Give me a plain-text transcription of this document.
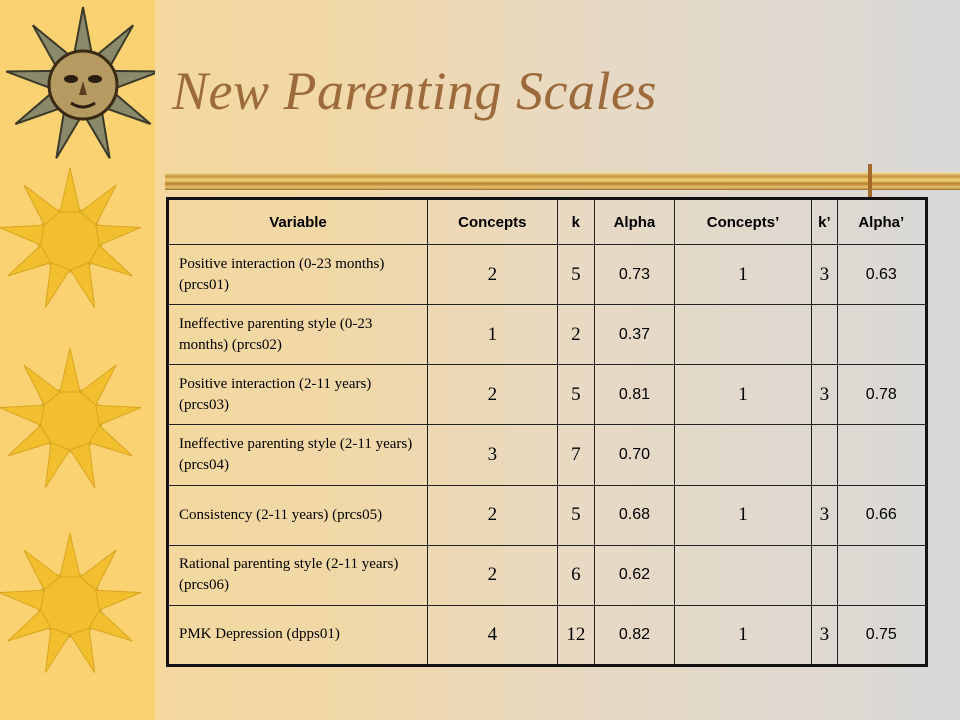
New Parenting Scales
Variable	Concepts	k	Alpha	Concepts’	k’	Alpha’
Positive interaction (0-23 months) (prcs01)	2	5	0.73	1	3	0.63
Ineffective parenting style (0-23 months) (prcs02)	1	2	0.37			
Positive interaction (2-11 years) (prcs03)	2	5	0.81	1	3	0.78
Ineffective parenting style (2-11 years) (prcs04)	3	7	0.70			
Consistency (2-11 years) (prcs05)	2	5	0.68	1	3	0.66
Rational parenting style (2-11 years) (prcs06)	2	6	0.62			
PMK Depression (dpps01)	4	12	0.82	1	3	0.75
